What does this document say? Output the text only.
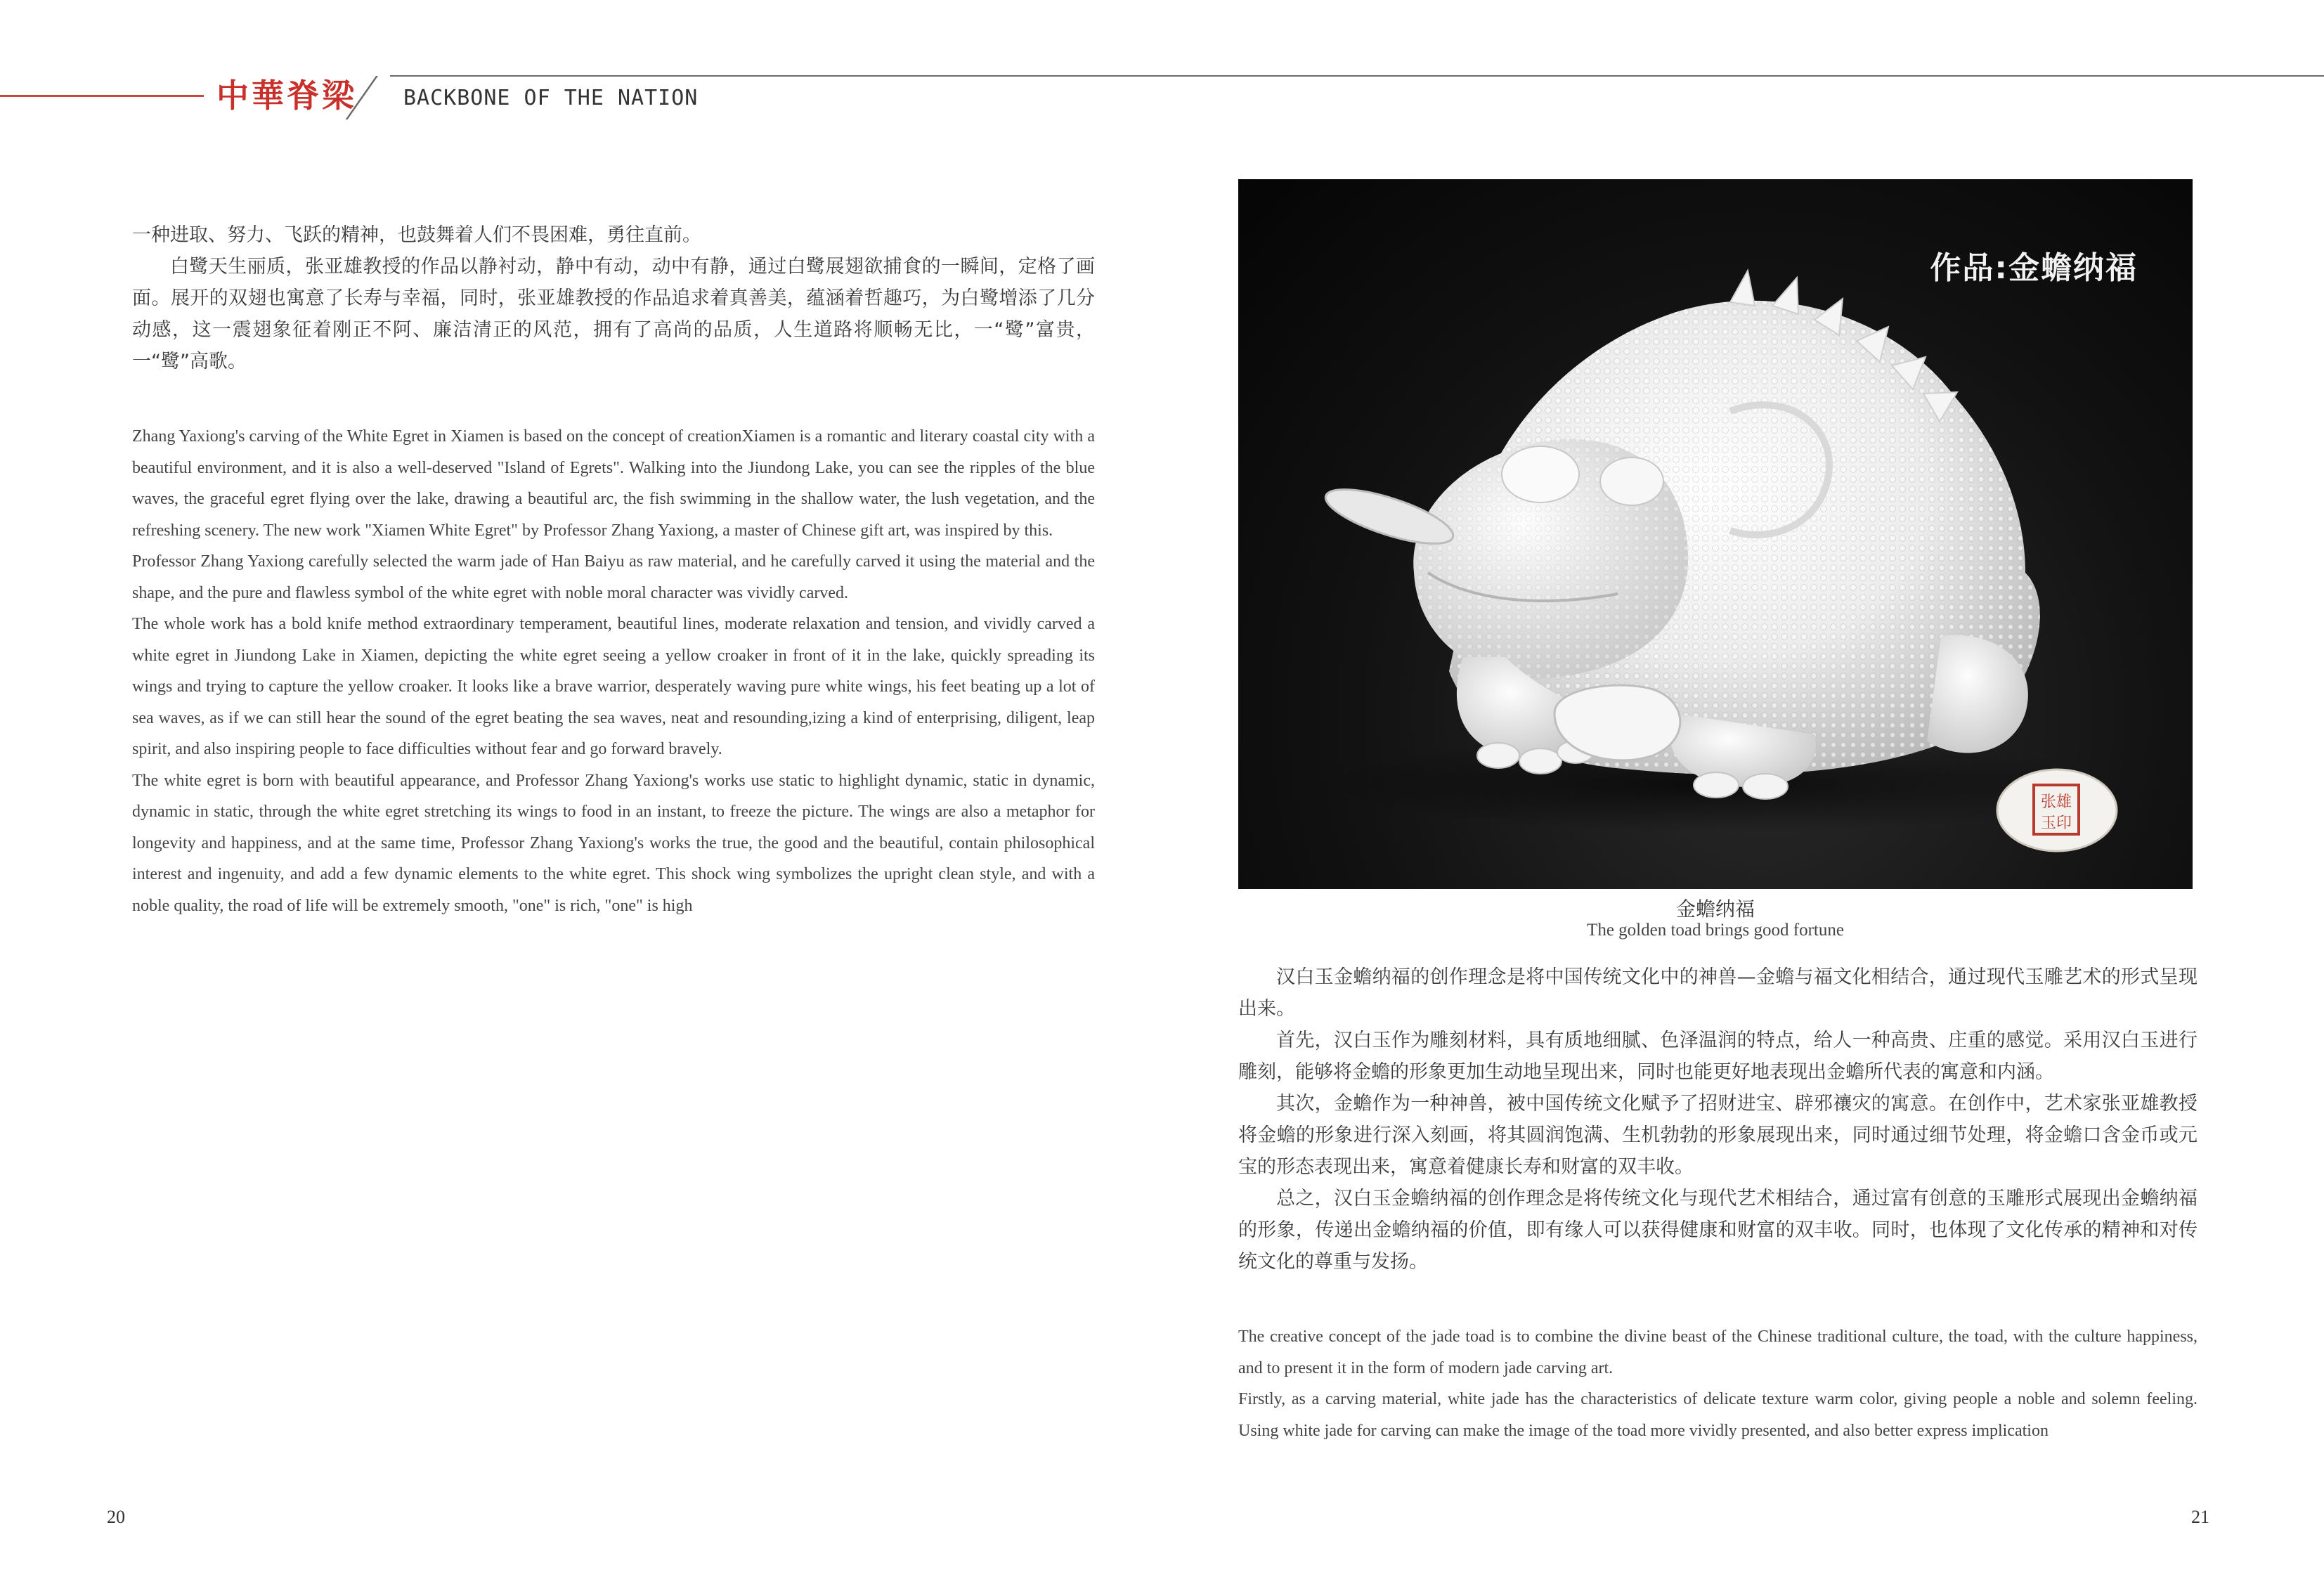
中華脊梁 BACKBONE OF THE NATION

一种进取、努力、飞跃的精神，也鼓舞着人们不畏困难，勇往直前。

白鹭天生丽质，张亚雄教授的作品以静衬动，静中有动，动中有静，通过白鹭展翅欲捕食的一瞬间，定格了画面。展开的双翅也寓意了长寿与幸福，同时，张亚雄教授的作品追求着真善美，蕴涵着哲趣巧，为白鹭增添了几分动感，这一震翅象征着刚正不阿、廉洁清正的风范，拥有了高尚的品质，人生道路将顺畅无比，一“鹭”富贵，一“鹭”高歌。

Zhang Yaxiong's carving of the White Egret in Xiamen is based on the concept of creationXiamen is a romantic and literary coastal city with a beautiful environment, and it is also a well-deserved "Island of Egrets". Walking into the Jiundong Lake, you can see the ripples of the blue waves, the graceful egret flying over the lake, drawing a beautiful arc, the fish swimming in the shallow water, the lush vegetation, and the refreshing scenery. The new work "Xiamen White Egret" by Professor Zhang Yaxiong, a master of Chinese gift art, was inspired by this.

Professor Zhang Yaxiong carefully selected the warm jade of Han Baiyu as raw material, and he carefully carved it using the material and the shape, and the pure and flawless symbol of the white egret with noble moral character was vividly carved.

The whole work has a bold knife method extraordinary temperament, beautiful lines, moderate relaxation and tension, and vividly carved a white egret in Jiundong Lake in Xiamen, depicting the white egret seeing a yellow croaker in front of it in the lake, quickly spreading its wings and trying to capture the yellow croaker. It looks like a brave warrior, desperately waving pure white wings, his feet beating up a lot of sea waves, as if we can still hear the sound of the egret beating the sea waves, neat and resounding,izing a kind of enterprising, diligent, leap spirit, and also inspiring people to face difficulties without fear and go forward bravely.

The white egret is born with beautiful appearance, and Professor Zhang Yaxiong's works use static to highlight dynamic, static in dynamic, dynamic in static, through the white egret stretching its wings to food in an instant, to freeze the picture. The wings are also a metaphor for longevity and happiness, and at the same time, Professor Zhang Yaxiong's works the true, the good and the beautiful, contain philosophical interest and ingenuity, and add a few dynamic elements to the white egret. This shock wing symbolizes the upright clean style, and with a noble quality, the road of life will be extremely smooth, "one" is rich, "one" is high

张雄
玉印
作品:金蟾纳福
金蟾纳福
The golden toad brings good fortune

汉白玉金蟾纳福的创作理念是将中国传统文化中的神兽—金蟾与福文化相结合，通过现代玉雕艺术的形式呈现出来。

首先，汉白玉作为雕刻材料，具有质地细腻、色泽温润的特点，给人一种高贵、庄重的感觉。采用汉白玉进行雕刻，能够将金蟾的形象更加生动地呈现出来，同时也能更好地表现出金蟾所代表的寓意和内涵。

其次，金蟾作为一种神兽，被中国传统文化赋予了招财进宝、辟邪禳灾的寓意。在创作中，艺术家张亚雄教授将金蟾的形象进行深入刻画，将其圆润饱满、生机勃勃的形象展现出来，同时通过细节处理，将金蟾口含金币或元宝的形态表现出来，寓意着健康长寿和财富的双丰收。

总之，汉白玉金蟾纳福的创作理念是将传统文化与现代艺术相结合，通过富有创意的玉雕形式展现出金蟾纳福的形象，传递出金蟾纳福的价值，即有缘人可以获得健康和财富的双丰收。同时，也体现了文化传承的精神和对传统文化的尊重与发扬。

The creative concept of the jade toad is to combine the divine beast of the Chinese traditional culture, the toad, with the culture happiness, and to present it in the form of modern jade carving art.

Firstly, as a carving material, white jade has the characteristics of delicate texture warm color, giving people a noble and solemn feeling. Using white jade for carving can make the image of the toad more vividly presented, and also better express implication

20	21
